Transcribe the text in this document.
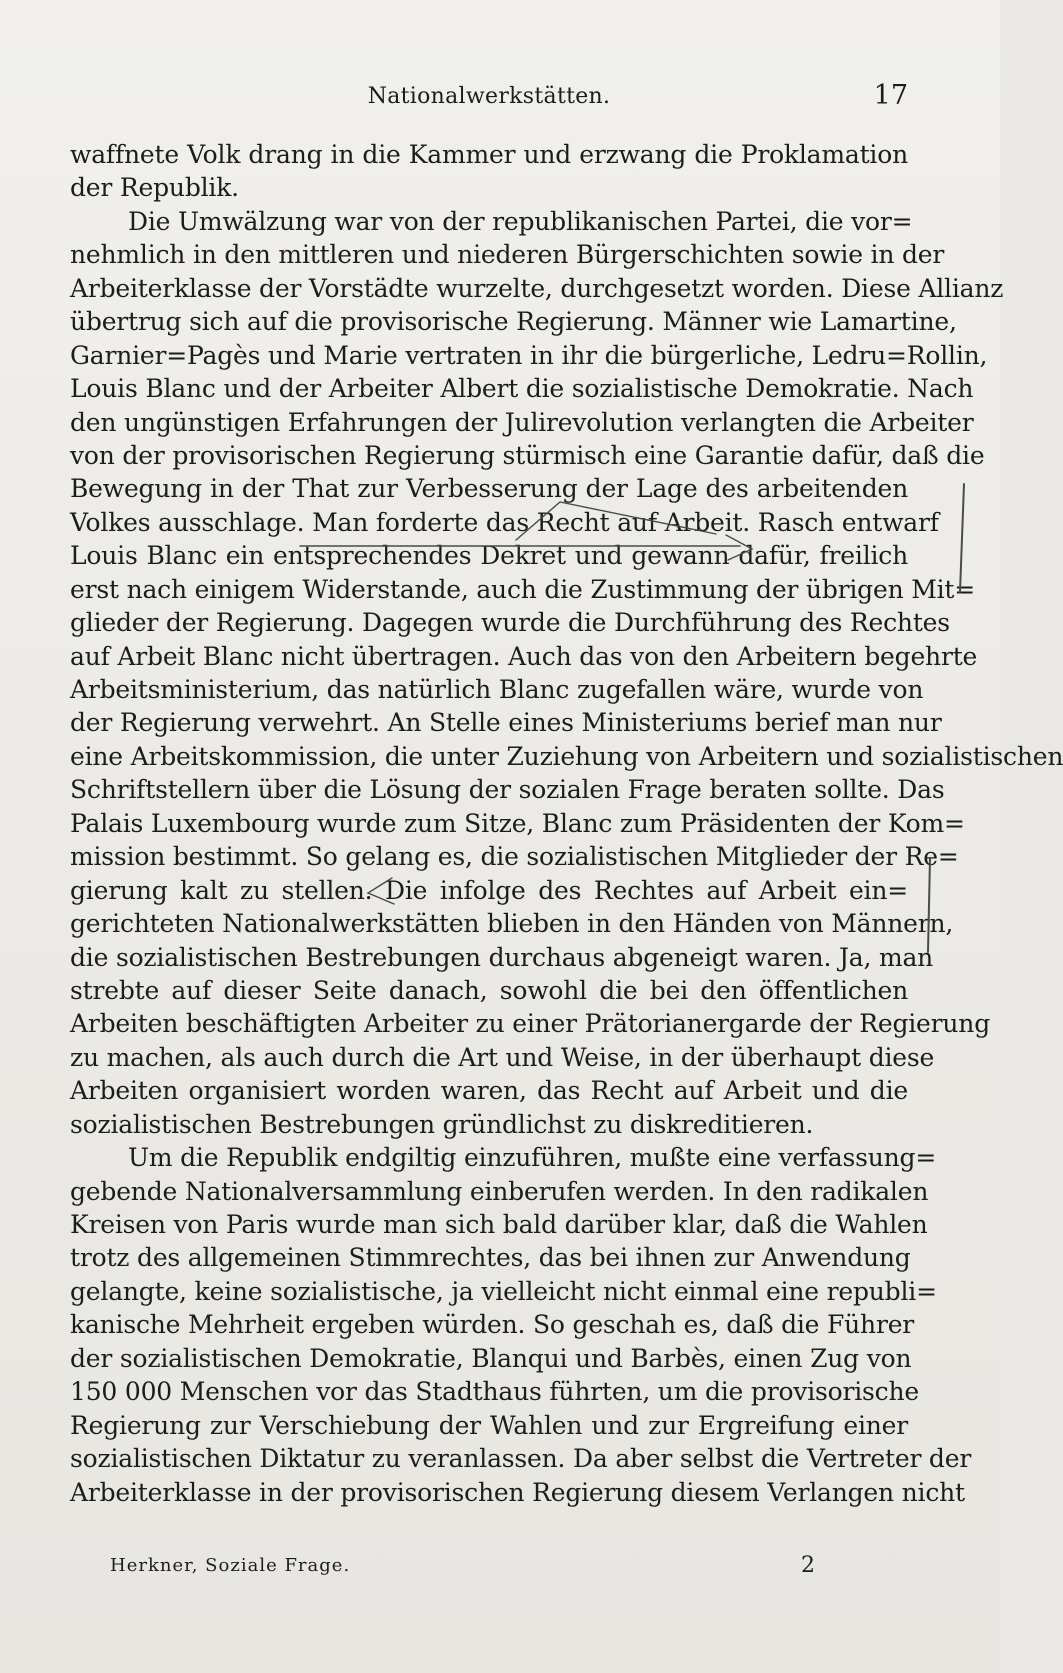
Nationalwerkstätten.	17
waffnete Volk drang in die Kammer und erzwang die Proklamation
der Republik.
Die Umwälzung war von der republikanischen Partei, die vor=
nehmlich in den mittleren und niederen Bürgerschichten sowie in der
Arbeiterklasse der Vorstädte wurzelte, durchgesetzt worden. Diese Allianz
übertrug sich auf die provisorische Regierung. Männer wie Lamartine,
Garnier=Pagès und Marie vertraten in ihr die bürgerliche, Ledru=Rollin,
Louis Blanc und der Arbeiter Albert die sozialistische Demokratie. Nach
den ungünstigen Erfahrungen der Julirevolution verlangten die Arbeiter
von der provisorischen Regierung stürmisch eine Garantie dafür, daß die
Bewegung in der That zur Verbesserung der Lage des arbeitenden
Volkes ausschlage. Man forderte das Recht auf Arbeit. Rasch entwarf
Louis Blanc ein entsprechendes Dekret und gewann dafür, freilich
erst nach einigem Widerstande, auch die Zustimmung der übrigen Mit=
glieder der Regierung. Dagegen wurde die Durchführung des Rechtes
auf Arbeit Blanc nicht übertragen. Auch das von den Arbeitern begehrte
Arbeitsministerium, das natürlich Blanc zugefallen wäre, wurde von
der Regierung verwehrt. An Stelle eines Ministeriums berief man nur
eine Arbeitskommission, die unter Zuziehung von Arbeitern und sozialistischen
Schriftstellern über die Lösung der sozialen Frage beraten sollte. Das
Palais Luxembourg wurde zum Sitze, Blanc zum Präsidenten der Kom=
mission bestimmt. So gelang es, die sozialistischen Mitglieder der Re=
gierung kalt zu stellen. Die infolge des Rechtes auf Arbeit ein=
gerichteten Nationalwerkstätten blieben in den Händen von Männern,
die sozialistischen Bestrebungen durchaus abgeneigt waren. Ja, man
strebte auf dieser Seite danach, sowohl die bei den öffentlichen
Arbeiten beschäftigten Arbeiter zu einer Prätorianergarde der Regierung
zu machen, als auch durch die Art und Weise, in der überhaupt diese
Arbeiten organisiert worden waren, das Recht auf Arbeit und die
sozialistischen Bestrebungen gründlichst zu diskreditieren.
Um die Republik endgiltig einzuführen, mußte eine verfassung=
gebende Nationalversammlung einberufen werden. In den radikalen
Kreisen von Paris wurde man sich bald darüber klar, daß die Wahlen
trotz des allgemeinen Stimmrechtes, das bei ihnen zur Anwendung
gelangte, keine sozialistische, ja vielleicht nicht einmal eine republi=
kanische Mehrheit ergeben würden. So geschah es, daß die Führer
der sozialistischen Demokratie, Blanqui und Barbès, einen Zug von
150 000 Menschen vor das Stadthaus führten, um die provisorische
Regierung zur Verschiebung der Wahlen und zur Ergreifung einer
sozialistischen Diktatur zu veranlassen. Da aber selbst die Vertreter der
Arbeiterklasse in der provisorischen Regierung diesem Verlangen nicht
Herkner, Soziale Frage.	2
